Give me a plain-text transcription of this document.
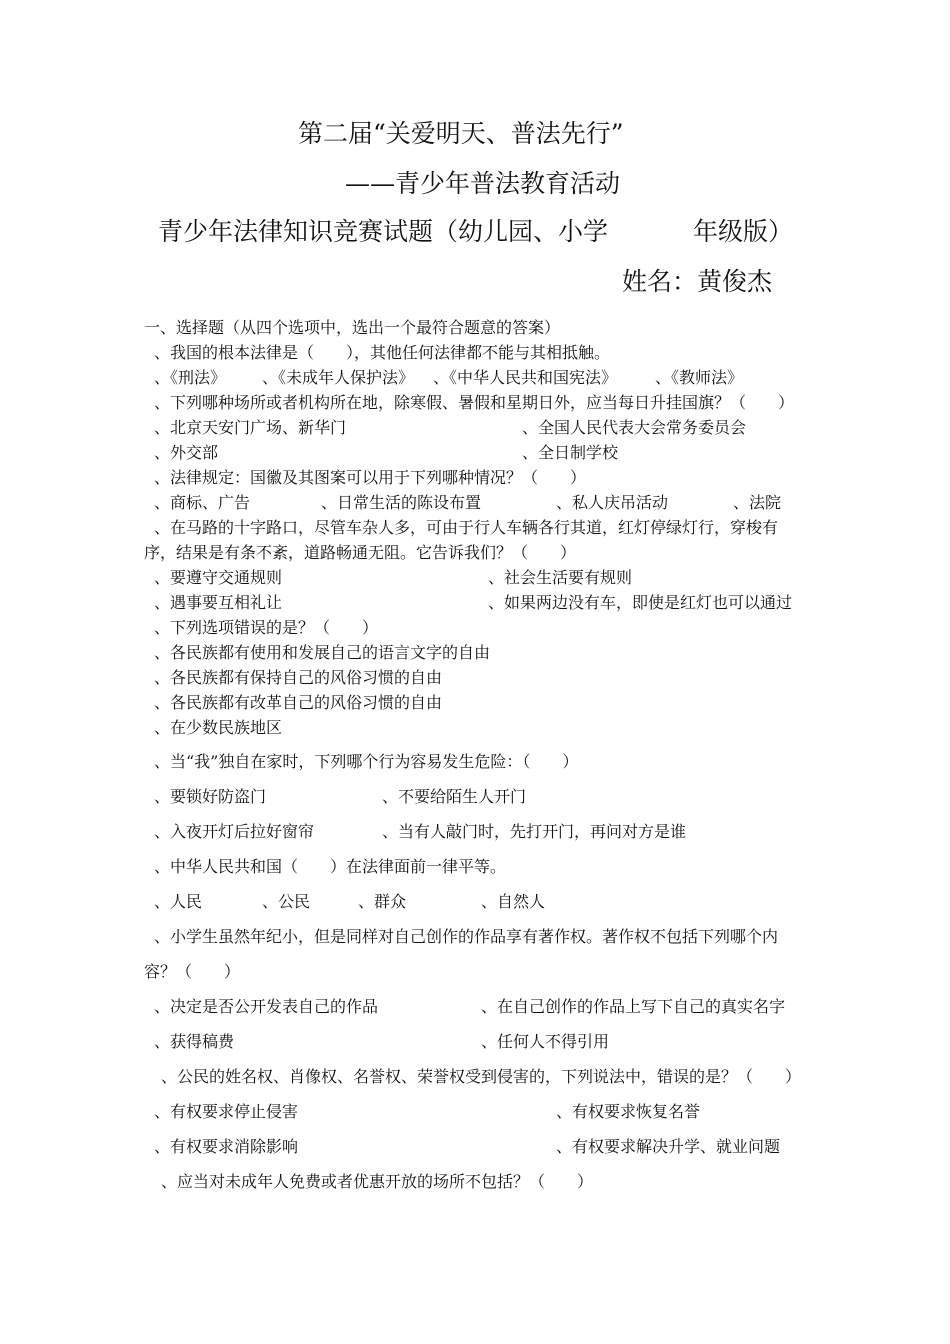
第二届“关爱明天、普法先行”
——青少年普法教育活动
青少年法律知识竞赛试题（幼儿园、小学	年级版）
姓名：黄俊杰
一、选择题（从四个选项中，选出一个最符合题意的答案）
、我国的根本法律是（　　），其他任何法律都不能与其相抵触。
、《刑法》 、《未成年人保护法》 、《中华人民共和国宪法》 、《教师法》
、下列哪种场所或者机构所在地，除寒假、暑假和星期日外，应当每日升挂国旗？（　　）
、北京天安门广场、新华门	、全国人民代表大会常务委员会
、外交部	、全日制学校
、法律规定：国徽及其图案可以用于下列哪种情况？（　　）
、商标、广告	、日常生活的陈设布置	、私人庆吊活动	、法院
、在马路的十字路口，尽管车杂人多，可由于行人车辆各行其道，红灯停绿灯行，穿梭有
序，结果是有条不紊，道路畅通无阻。它告诉我们？（　　）
、要遵守交通规则	、社会生活要有规则
、遇事要互相礼让	、如果两边没有车，即使是红灯也可以通过
、下列选项错误的是？（　　）
、各民族都有使用和发展自己的语言文字的自由
、各民族都有保持自己的风俗习惯的自由
、各民族都有改革自己的风俗习惯的自由
、在少数民族地区
、当“我”独自在家时，下列哪个行为容易发生危险：（　　）
、要锁好防盗门	、不要给陌生人开门
、入夜开灯后拉好窗帘	、当有人敲门时，先打开门，再问对方是谁
、中华人民共和国（　　）在法律面前一律平等。
、人民	、公民	、群众	、自然人
、小学生虽然年纪小，但是同样对自己创作的作品享有著作权。著作权不包括下列哪个内
容？（　　）
、决定是否公开发表自己的作品	、在自己创作的作品上写下自己的真实名字
、获得稿费	、任何人不得引用
、公民的姓名权、肖像权、名誉权、荣誉权受到侵害的，下列说法中，错误的是？（　　）
、有权要求停止侵害	、有权要求恢复名誉
、有权要求消除影响	、有权要求解决升学、就业问题
、应当对未成年人免费或者优惠开放的场所不包括？（　　）
